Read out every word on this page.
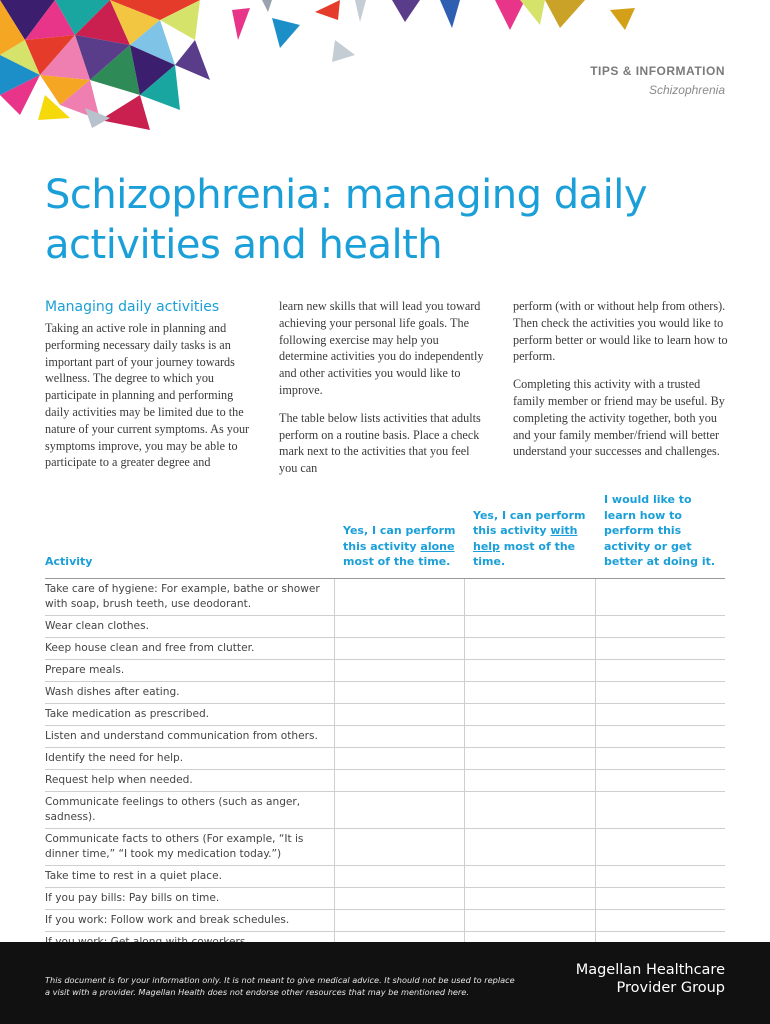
TIPS & INFORMATION
Schizophrenia
Schizophrenia: managing daily activities and health
Managing daily activities

Taking an active role in planning and performing necessary daily tasks is an important part of your journey towards wellness. The degree to which you participate in planning and performing daily activities may be limited due to the nature of your current symptoms. As your symptoms improve, you may be able to participate to a greater degree and

learn new skills that will lead you toward achieving your personal life goals. The following exercise may help you determine activities you do independently and other activities you would like to improve.

The table below lists activities that adults perform on a routine basis. Place a check mark next to the activities that you feel you can

perform (with or without help from others). Then check the activities you would like to perform better or would like to learn how to perform.

Completing this activity with a trusted family member or friend may be useful. By completing the activity together, both you and your family member/friend will better understand your successes and challenges.

Activity	Yes, I can perform this activity alone most of the time.	Yes, I can perform this activity with help most of the time.	I would like to learn how to perform this activity or get better at doing it.
Take care of hygiene: For example, bathe or shower with soap, brush teeth, use deodorant.			
Wear clean clothes.			
Keep house clean and free from clutter.			
Prepare meals.			
Wash dishes after eating.			
Take medication as prescribed.			
Listen and understand communication from others.			
Identify the need for help.			
Request help when needed.			
Communicate feelings to others (such as anger, sadness).			
Communicate facts to others (For example, “It is dinner time,” “I took my medication today.”)			
Take time to rest in a quiet place.			
If you pay bills: Pay bills on time.			
If you work: Follow work and break schedules.			

This document is for your information only. It is not meant to give medical advice. It should not be used to replace a visit with a provider. Magellan Health does not endorse other resources that may be mentioned here.
Magellan Healthcare
Provider Group
